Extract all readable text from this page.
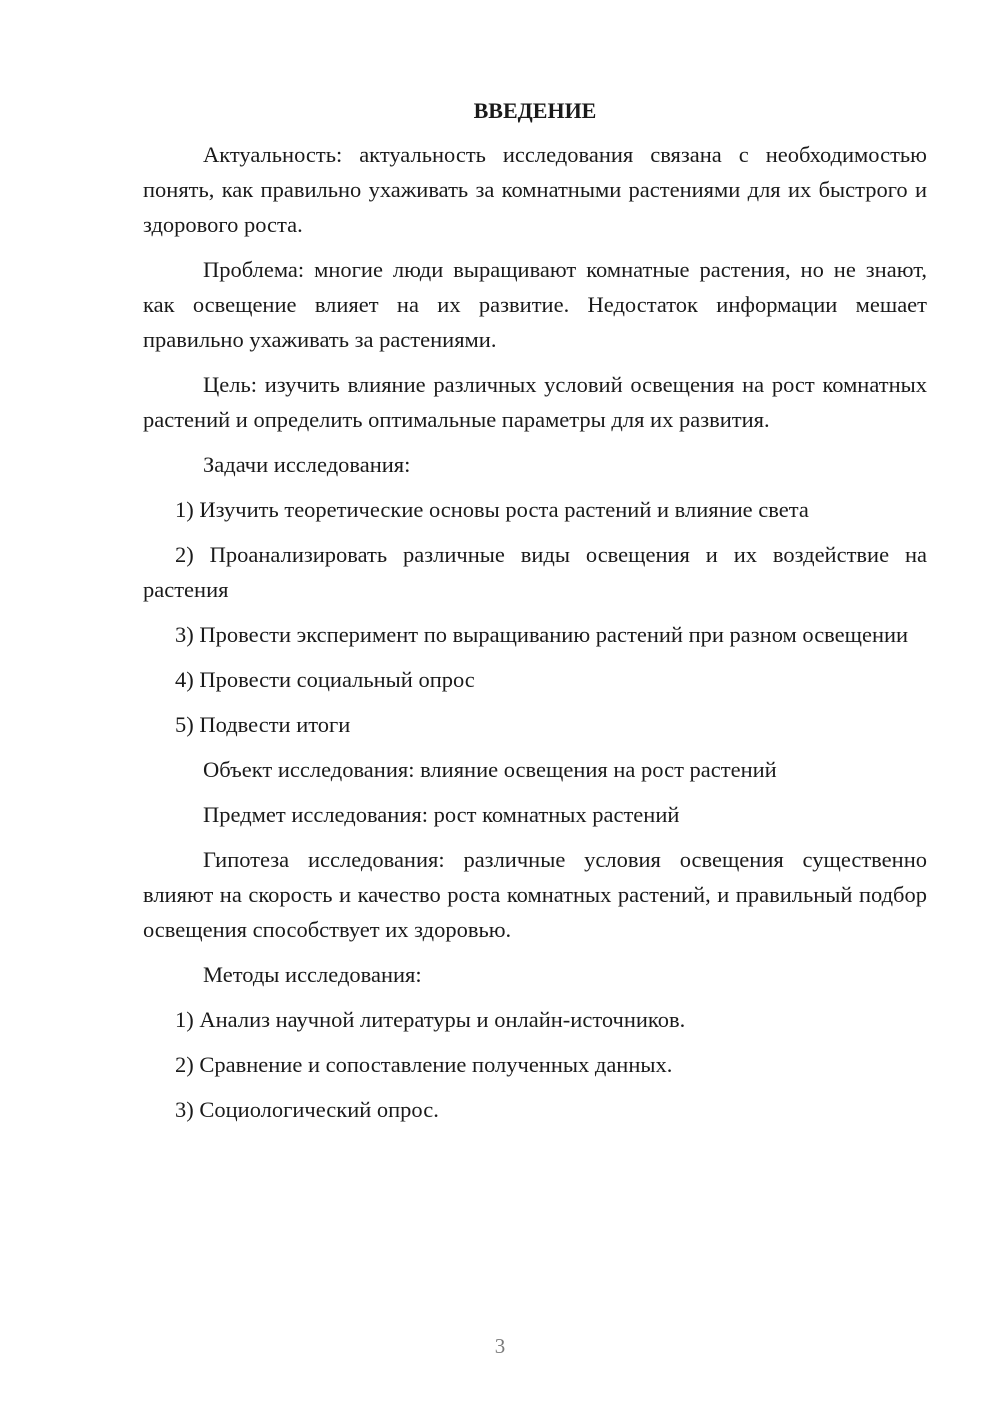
ВВЕДЕНИЕ
Актуальность: актуальность исследования связана с необходимостью понять, как правильно ухаживать за комнатными растениями для их быстрого и здорового роста.
Проблема: многие люди выращивают комнатные растения, но не знают, как освещение влияет на их развитие. Недостаток информации мешает правильно ухаживать за растениями.
Цель: изучить влияние различных условий освещения на рост комнатных растений и определить оптимальные параметры для их развития.
Задачи исследования:
1) Изучить теоретические основы роста растений и влияние света
2) Проанализировать различные виды освещения и их воздействие на растения
3) Провести эксперимент по выращиванию растений при разном освещении
4) Провести социальный опрос
5) Подвести итоги
Объект исследования: влияние освещения на рост растений
Предмет исследования: рост комнатных растений
Гипотеза исследования: различные условия освещения существенно влияют на скорость и качество роста комнатных растений, и правильный подбор освещения способствует их здоровью.
Методы исследования:
1) Анализ научной литературы и онлайн-источников.
2) Сравнение и сопоставление полученных данных.
3) Социологический опрос.
3
